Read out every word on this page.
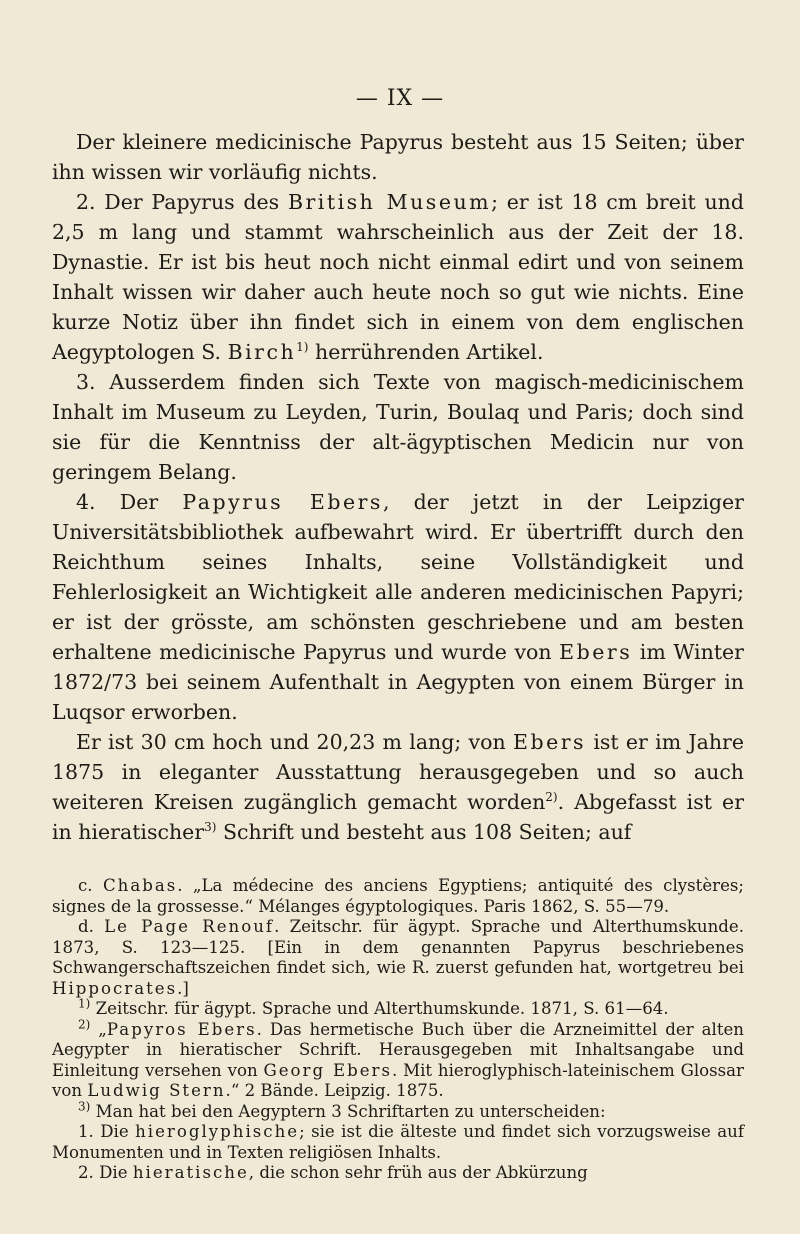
— IX —

Der kleinere medicinische Papyrus besteht aus 15 Seiten; über ihn wissen wir vorläufig nichts.

2. Der Papyrus des British Museum; er ist 18 cm breit und 2,5 m lang und stammt wahrscheinlich aus der Zeit der 18. Dynastie. Er ist bis heut noch nicht einmal edirt und von seinem Inhalt wissen wir daher auch heute noch so gut wie nichts. Eine kurze Notiz über ihn findet sich in einem von dem englischen Aegyptologen S. Birch$^{1)}$ herrührenden Artikel.

3. Ausserdem finden sich Texte von magisch-medicinischem Inhalt im Museum zu Leyden, Turin, Boulaq und Paris; doch sind sie für die Kenntniss der alt-ägyptischen Medicin nur von geringem Belang.

4. Der Papyrus Ebers, der jetzt in der Leipziger Universitätsbibliothek aufbewahrt wird. Er übertrifft durch den Reichthum seines Inhalts, seine Vollständigkeit und Fehlerlosigkeit an Wichtigkeit alle anderen medicinischen Papyri; er ist der grösste, am schönsten geschriebene und am besten erhaltene medicinische Papyrus und wurde von Ebers im Winter 1872/73 bei seinem Aufenthalt in Aegypten von einem Bürger in Luqsor erworben.

Er ist 30 cm hoch und 20,23 m lang; von Ebers ist er im Jahre 1875 in eleganter Ausstattung herausgegeben und so auch weiteren Kreisen zugänglich gemacht worden$^{2)}$. Abgefasst ist er in hieratischer$^{3)}$ Schrift und besteht aus 108 Seiten; auf

c. Chabas. „La médecine des anciens Egyptiens; antiquité des clystères; signes de la grossesse.“ Mélanges égyptologiques. Paris 1862, S. 55—79.

d. Le Page Renouf. Zeitschr. für ägypt. Sprache und Alterthumskunde. 1873, S. 123—125. [Ein in dem genannten Papyrus beschriebenes Schwangerschaftszeichen findet sich, wie R. zuerst gefunden hat, wortgetreu bei Hippocrates.]

$^{1)}$ Zeitschr. für ägypt. Sprache und Alterthumskunde. 1871, S. 61—64.

$^{2)}$ „Papyros Ebers. Das hermetische Buch über die Arzneimittel der alten Aegypter in hieratischer Schrift. Herausgegeben mit Inhaltsangabe und Einleitung versehen von Georg Ebers. Mit hieroglyphisch-lateinischem Glossar von Ludwig Stern.“ 2 Bände. Leipzig. 1875.

$^{3)}$ Man hat bei den Aegyptern 3 Schriftarten zu unterscheiden:

1. Die hieroglyphische; sie ist die älteste und findet sich vorzugsweise auf Monumenten und in Texten religiösen Inhalts.

2. Die hieratische, die schon sehr früh aus der Abkürzung
